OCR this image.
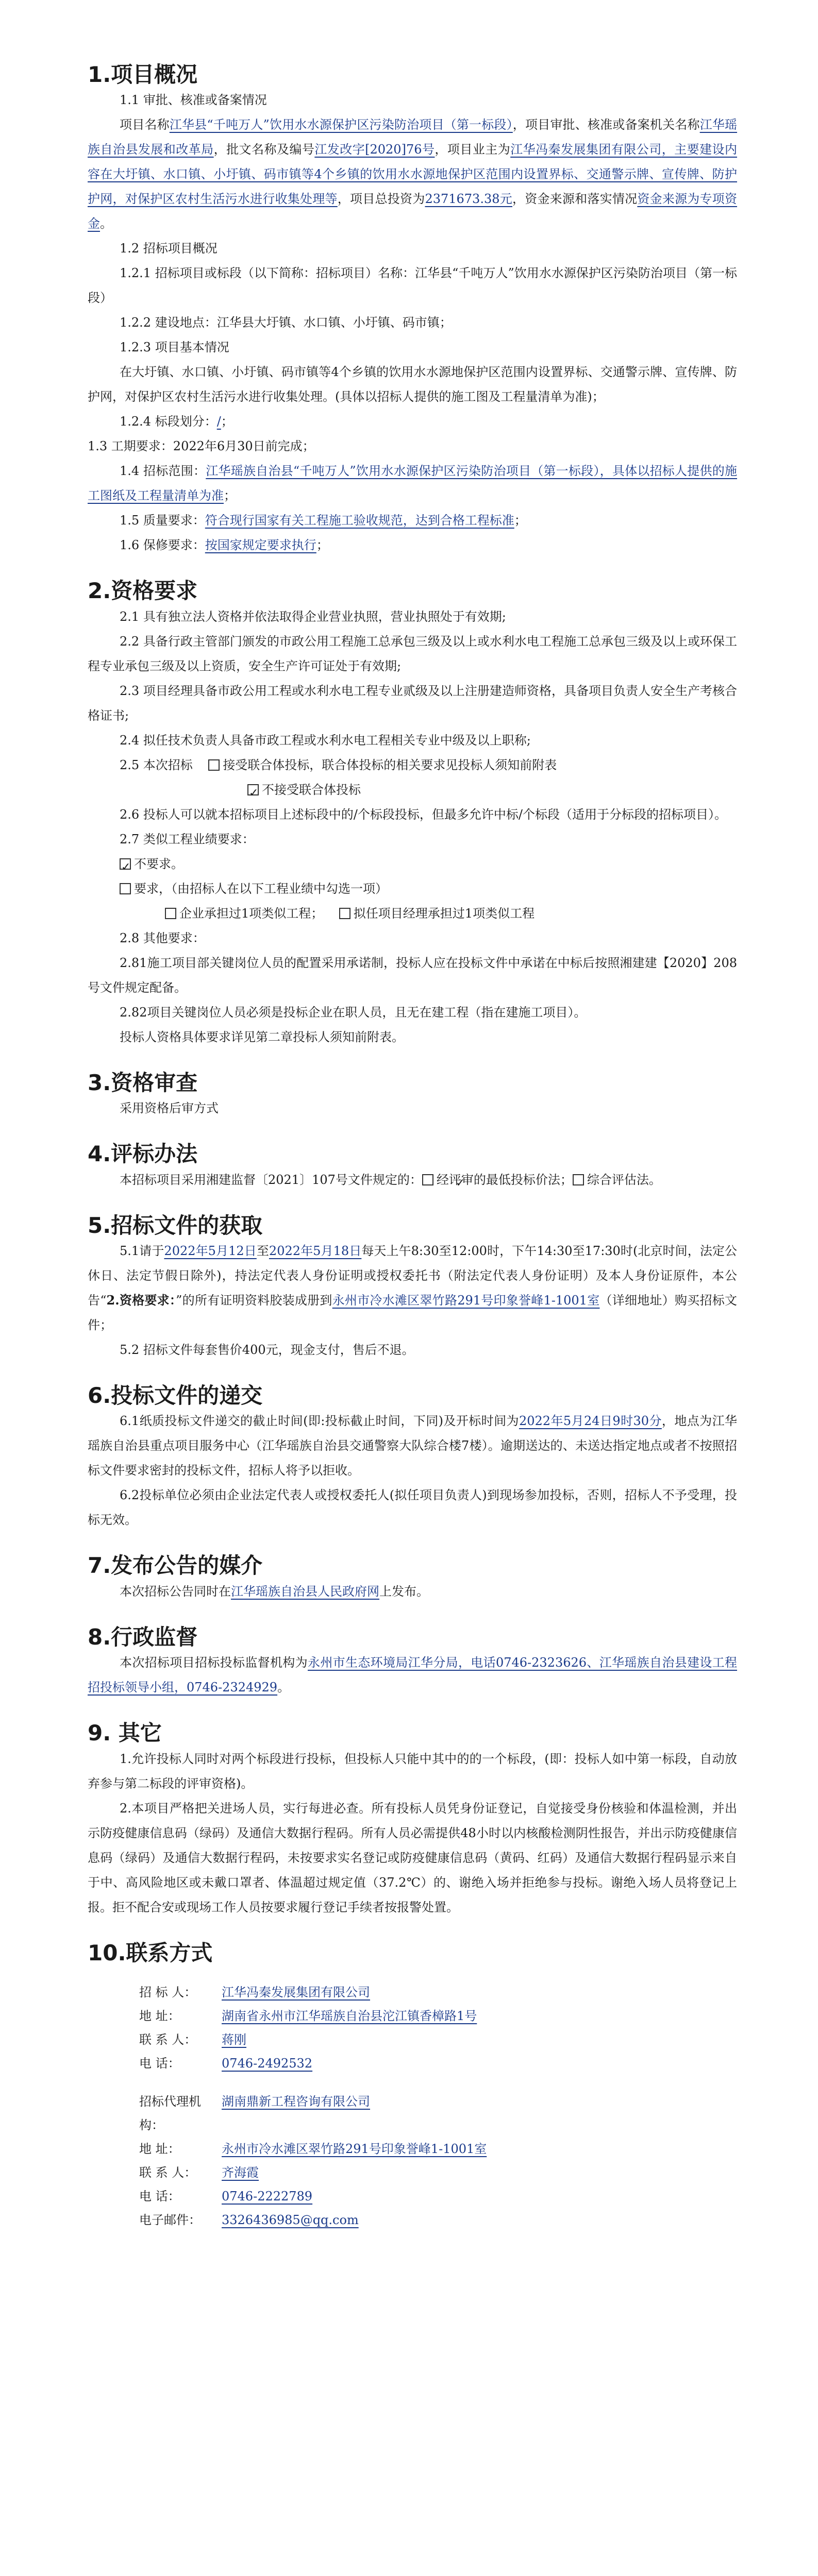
1.项目概况

1.1 审批、核准或备案情况

项目名称江华县“千吨万人”饮用水水源保护区污染防治项目（第一标段），项目审批、核准或备案机关名称江华瑶族自治县发展和改革局，批文名称及编号江发改字[2020]76号，项目业主为江华冯秦发展集团有限公司，主要建设内容在大圩镇、水口镇、小圩镇、码市镇等4个乡镇的饮用水水源地保护区范围内设置界标、交通警示牌、宣传牌、防护护网，对保护区农村生活污水进行收集处理等，项目总投资为2371673.38元，资金来源和落实情况资金来源为专项资金。

1.2 招标项目概况

1.2.1 招标项目或标段（以下简称：招标项目）名称：江华县“千吨万人”饮用水水源保护区污染防治项目（第一标段）

1.2.2 建设地点：江华县大圩镇、水口镇、小圩镇、码市镇；

1.2.3 项目基本情况

在大圩镇、水口镇、小圩镇、码市镇等4个乡镇的饮用水水源地保护区范围内设置界标、交通警示牌、宣传牌、防护网，对保护区农村生活污水进行收集处理。(具体以招标人提供的施工图及工程量清单为准)；

1.2.4 标段划分：/；

1.3 工期要求：2022年6月30日前完成；

1.4 招标范围：江华瑶族自治县“千吨万人”饮用水水源保护区污染防治项目（第一标段），具体以招标人提供的施工图纸及工程量清单为准；

1.5 质量要求：符合现行国家有关工程施工验收规范，达到合格工程标准；

1.6 保修要求：按国家规定要求执行；

2.资格要求

2.1 具有独立法人资格并依法取得企业营业执照，营业执照处于有效期;

2.2 具备行政主管部门颁发的市政公用工程施工总承包三级及以上或水利水电工程施工总承包三级及以上或环保工程专业承包三级及以上资质，安全生产许可证处于有效期;

2.3 项目经理具备市政公用工程或水利水电工程专业贰级及以上注册建造师资格，具备项目负责人安全生产考核合格证书;

2.4 拟任技术负责人具备市政工程或水利水电工程相关专业中级及以上职称;

2.5 本次招标 接受联合体投标，联合体投标的相关要求见投标人须知前附表

✓不接受联合体投标

2.6 投标人可以就本招标项目上述标段中的/个标段投标，但最多允许中标/个标段（适用于分标段的招标项目）。

2.7 类似工程业绩要求：

✓不要求。

要求，（由招标人在以下工程业绩中勾选一项）

企业承担过1项类似工程； 拟任项目经理承担过1项类似工程

2.8 其他要求：

2.81施工项目部关键岗位人员的配置采用承诺制，投标人应在投标文件中承诺在中标后按照湘建建【2020】208号文件规定配备。

2.82项目关键岗位人员必须是投标企业在职人员，且无在建工程（指在建施工项目）。

投标人资格具体要求详见第二章投标人须知前附表。

3.资格审查

采用资格后审方式

4.评标办法

本招标项目采用湘建监督〔2021〕107号文件规定的：✓ 经评审的最低投标价法； 综合评估法。

5.招标文件的获取

5.1请于2022年5月12日至2022年5月18日每天上午8:30至12:00时，下午14:30至17:30时(北京时间，法定公休日、法定节假日除外)，持法定代表人身份证明或授权委托书（附法定代表人身份证明）及本人身份证原件，本公告“2.资格要求：”的所有证明资料胶装成册到永州市冷水滩区翠竹路291号印象誉峰1-1001室（详细地址）购买招标文件；

5.2 招标文件每套售价400元，现金支付，售后不退。

6.投标文件的递交

6.1纸质投标文件递交的截止时间(即:投标截止时间，下同)及开标时间为2022年5月24日9时30分，地点为江华瑶族自治县重点项目服务中心（江华瑶族自治县交通警察大队综合楼7楼）。逾期送达的、未送达指定地点或者不按照招标文件要求密封的投标文件，招标人将予以拒收。

6.2投标单位必须由企业法定代表人或授权委托人(拟任项目负责人)到现场参加投标，否则，招标人不予受理，投标无效。

7.发布公告的媒介

本次招标公告同时在江华瑶族自治县人民政府网上发布。

8.行政监督

本次招标项目招标投标监督机构为永州市生态环境局江华分局，电话0746-2323626、江华瑶族自治县建设工程招投标领导小组，0746-2324929。

9. 其它

1.允许投标人同时对两个标段进行投标，但投标人只能中其中的的一个标段，(即：投标人如中第一标段，自动放弃参与第二标段的评审资格)。

2.本项目严格把关进场人员，实行每进必查。所有投标人员凭身份证登记，自觉接受身份核验和体温检测，并出示防疫健康信息码（绿码）及通信大数据行程码。所有人员必需提供48小时以内核酸检测阴性报告，并出示防疫健康信息码（绿码）及通信大数据行程码，未按要求实名登记或防疫健康信息码（黄码、红码）及通信大数据行程码显示来自于中、高风险地区或未戴口罩者、体温超过规定值（37.2℃）的、谢绝入场并拒绝参与投标。谢绝入场人员将登记上报。拒不配合安或现场工作人员按要求履行登记手续者按报警处置。

10.联系方式
招 标 人：	江华冯秦发展集团有限公司
地 址：	湖南省永州市江华瑶族自治县沱江镇香樟路1号
联 系 人：	蒋刚
电 话：	0746-2492532
招标代理机构：
湖南鼎新工程咨询有限公司
地 址：	永州市冷水滩区翠竹路291号印象誉峰1-1001室
联 系 人：	齐海霞
电 话：	0746-2222789
电子邮件：	3326436985@qq.com
